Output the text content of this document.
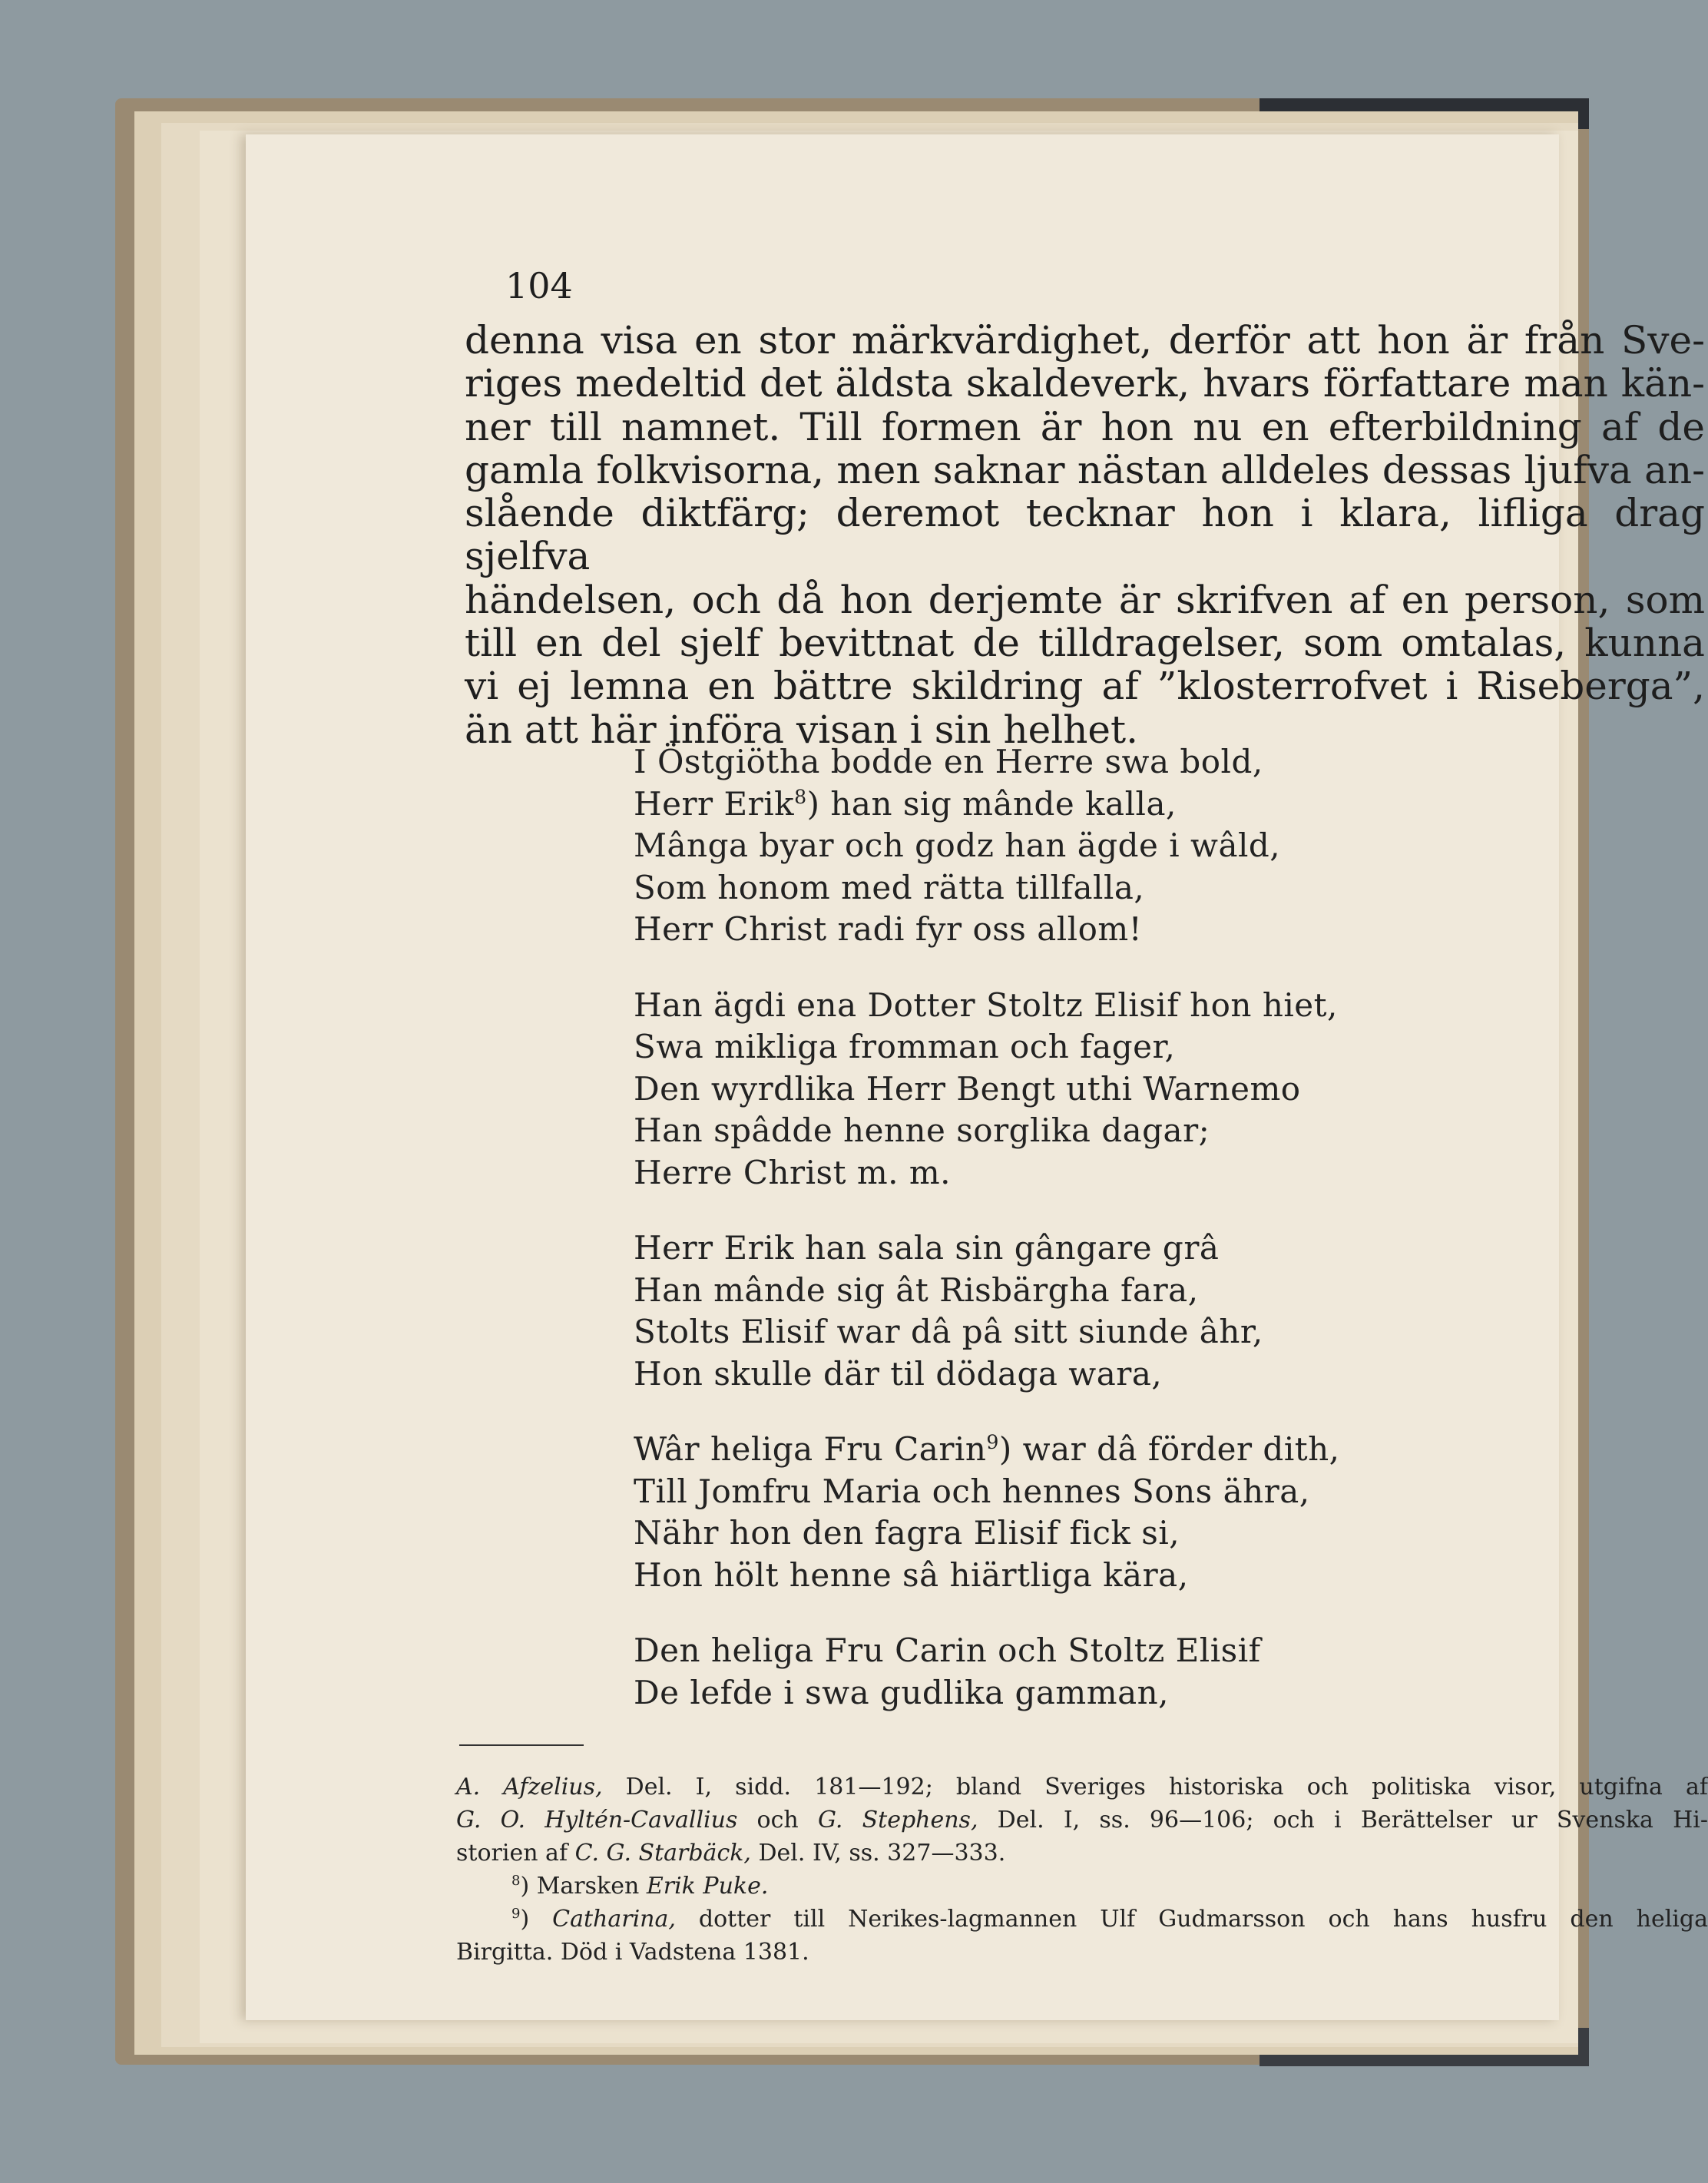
104

denna visa en stor märkvärdighet, derför att hon är från Sve-
riges medeltid det äldsta skaldeverk, hvars författare man kän-
ner till namnet. Till formen är hon nu en efterbildning af de
gamla folkvisorna, men saknar nästan alldeles dessas ljufva an-
slående diktfärg; deremot tecknar hon i klara, lifliga drag sjelfva
händelsen, och då hon derjemte är skrifven af en person, som
till en del sjelf bevittnat de tilldragelser, som omtalas, kunna
vi ej lemna en bättre skildring af ”klosterrofvet i Riseberga”,
än att här införa visan i sin helhet.
I Östgiötha bodde en Herre swa bold,
Herr Erik$^8$) han sig mânde kalla,
Mânga byar och godz han ägde i wâld,
Som honom med rätta tillfalla,
Herr Christ radi fyr oss allom!
Han ägdi ena Dotter Stoltz Elisif hon hiet,
Swa mikliga fromman och fager,
Den wyrdlika Herr Bengt uthi Warnemo
Han spâdde henne sorglika dagar;
Herre Christ m. m.
Herr Erik han sala sin gângare grâ
Han mânde sig ât Risbärgha fara,
Stolts Elisif war dâ pâ sitt siunde âhr,
Hon skulle där til dödaga wara,
Wâr heliga Fru Carin$^9$) war dâ förder dith,
Till Jomfru Maria och hennes Sons ähra,
Nähr hon den fagra Elisif fick si,
Hon hölt henne sâ hiärtliga kära,
Den heliga Fru Carin och Stoltz Elisif
De lefde i swa gudlika gamman,
A. Afzelius, Del. I, sidd. 181—192; bland Sveriges historiska och politiska visor, utgifna af
G. O. Hyltén-Cavallius och G. Stephens, Del. I, ss. 96—106; och i Berättelser ur Svenska Hi-
storien af C. G. Starbäck, Del. IV, ss. 327—333.
$^8$) Marsken Erik Puke.
$^9$) Catharina, dotter till Nerikes-lagmannen Ulf Gudmarsson och hans husfru den heliga
Birgitta. Död i Vadstena 1381.
